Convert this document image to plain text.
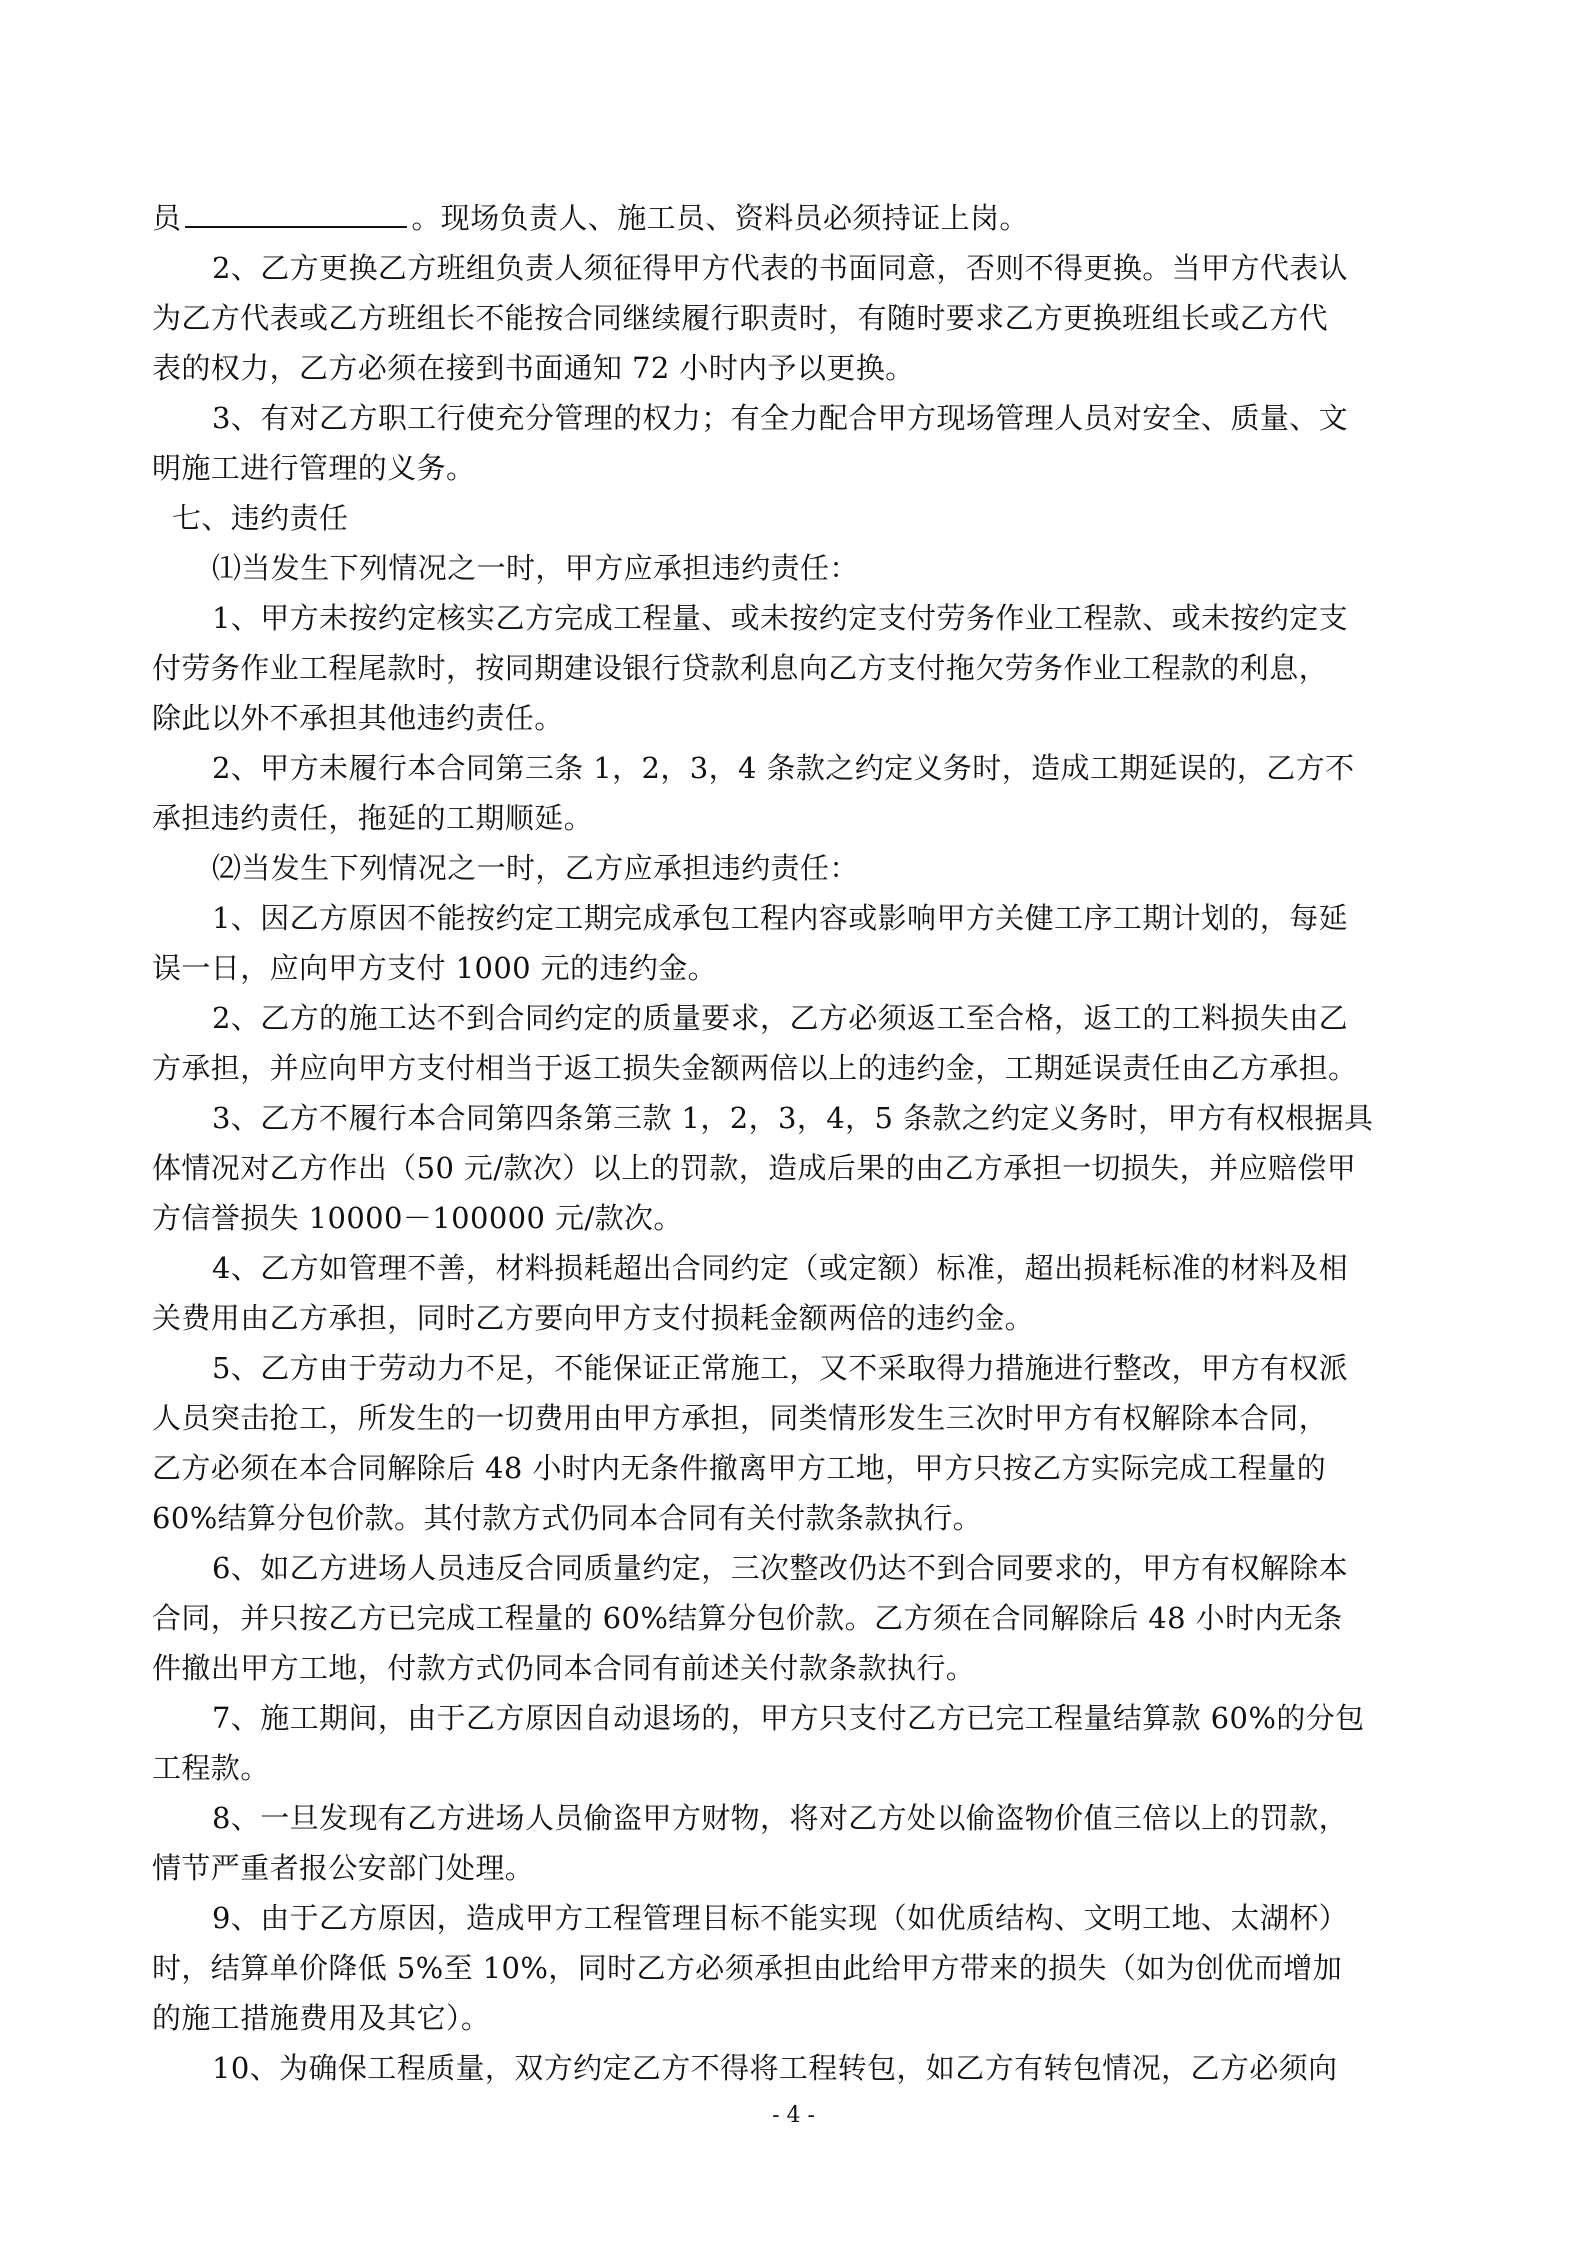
员	。现场负责人、施工员、资料员必须持证上岗。
2、乙方更换乙方班组负责人须征得甲方代表的书面同意，否则不得更换。当甲方代表认
为乙方代表或乙方班组长不能按合同继续履行职责时，有随时要求乙方更换班组长或乙方代
表的权力，乙方必须在接到书面通知 72 小时内予以更换。
3、有对乙方职工行使充分管理的权力；有全力配合甲方现场管理人员对安全、质量、文
明施工进行管理的义务。
七、违约责任
⑴当发生下列情况之一时，甲方应承担违约责任：
1、甲方未按约定核实乙方完成工程量、或未按约定支付劳务作业工程款、或未按约定支
付劳务作业工程尾款时，按同期建设银行贷款利息向乙方支付拖欠劳务作业工程款的利息，
除此以外不承担其他违约责任。
2、甲方未履行本合同第三条 1，2，3，4 条款之约定义务时，造成工期延误的，乙方不
承担违约责任，拖延的工期顺延。
⑵当发生下列情况之一时，乙方应承担违约责任：
1、因乙方原因不能按约定工期完成承包工程内容或影响甲方关健工序工期计划的，每延
误一日，应向甲方支付 1000 元的违约金。
2、乙方的施工达不到合同约定的质量要求，乙方必须返工至合格，返工的工料损失由乙
方承担，并应向甲方支付相当于返工损失金额两倍以上的违约金，工期延误责任由乙方承担。
3、乙方不履行本合同第四条第三款 1，2，3，4，5 条款之约定义务时，甲方有权根据具
体情况对乙方作出（50 元/款次）以上的罚款，造成后果的由乙方承担一切损失，并应赔偿甲
方信誉损失 10000－100000 元/款次。
4、乙方如管理不善，材料损耗超出合同约定（或定额）标准，超出损耗标准的材料及相
关费用由乙方承担，同时乙方要向甲方支付损耗金额两倍的违约金。
5、乙方由于劳动力不足，不能保证正常施工，又不采取得力措施进行整改，甲方有权派
人员突击抢工，所发生的一切费用由甲方承担，同类情形发生三次时甲方有权解除本合同，
乙方必须在本合同解除后 48 小时内无条件撤离甲方工地，甲方只按乙方实际完成工程量的
60%结算分包价款。其付款方式仍同本合同有关付款条款执行。
6、如乙方进场人员违反合同质量约定，三次整改仍达不到合同要求的，甲方有权解除本
合同，并只按乙方已完成工程量的 60%结算分包价款。乙方须在合同解除后 48 小时内无条
件撤出甲方工地，付款方式仍同本合同有前述关付款条款执行。
7、施工期间，由于乙方原因自动退场的，甲方只支付乙方已完工程量结算款 60%的分包
工程款。
8、一旦发现有乙方进场人员偷盗甲方财物，将对乙方处以偷盗物价值三倍以上的罚款，
情节严重者报公安部门处理。
9、由于乙方原因，造成甲方工程管理目标不能实现（如优质结构、文明工地、太湖杯）
时，结算单价降低 5%至 10%，同时乙方必须承担由此给甲方带来的损失（如为创优而增加
的施工措施费用及其它）。
10、为确保工程质量，双方约定乙方不得将工程转包，如乙方有转包情况，乙方必须向
- 4 -
